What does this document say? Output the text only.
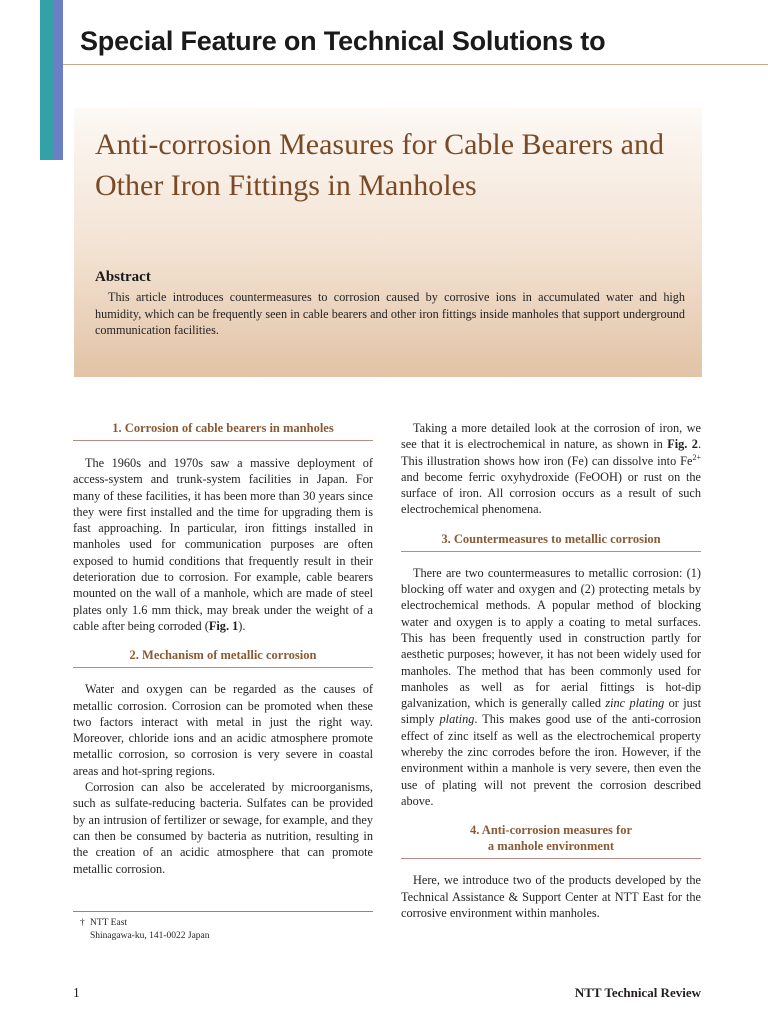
Special Feature on Technical Solutions to
Anti-corrosion Measures for Cable Bearers and Other Iron Fittings in Manholes
Abstract

This article introduces countermeasures to corrosion caused by corrosive ions in accumulated water and high humidity, which can be frequently seen in cable bearers and other iron fittings inside manholes that support underground communication facilities.

1. Corrosion of cable bearers in manholes

The 1960s and 1970s saw a massive deployment of access-system and trunk-system facilities in Japan. For many of these facilities, it has been more than 30 years since they were first installed and the time for upgrading them is fast approaching. In particular, iron fittings installed in manholes used for communication purposes are often exposed to humid conditions that frequently result in their deterioration due to corrosion. For example, cable bearers mounted on the wall of a manhole, which are made of steel plates only 1.6 mm thick, may break under the weight of a cable after being corroded (Fig. 1).

2. Mechanism of metallic corrosion

Water and oxygen can be regarded as the causes of metallic corrosion. Corrosion can be promoted when these two factors interact with metal in just the right way. Moreover, chloride ions and an acidic atmosphere promote metallic corrosion, so corrosion is very severe in coastal areas and hot-spring regions.

Corrosion can also be accelerated by microorganisms, such as sulfate-reducing bacteria. Sulfates can be provided by an intrusion of fertilizer or sewage, for example, and they can then be consumed by bacteria as nutrition, resulting in the creation of an acidic atmosphere that can promote metallic corrosion.

Taking a more detailed look at the corrosion of iron, we see that it is electrochemical in nature, as shown in Fig. 2. This illustration shows how iron (Fe) can dissolve into $Fe^{2+}$ and become ferric oxyhydroxide (FeOOH) or rust on the surface of iron. All corrosion occurs as a result of such electrochemical phenomena.

3. Countermeasures to metallic corrosion

There are two countermeasures to metallic corrosion: (1) blocking off water and oxygen and (2) protecting metals by electrochemical methods. A popular method of blocking water and oxygen is to apply a coating to metal surfaces. This has been frequently used in construction partly for aesthetic purposes; however, it has not been widely used for manholes. The method that has been commonly used for manholes as well as for aerial fittings is hot-dip galvanization, which is generally called zinc plating or just simply plating. This makes good use of the anti-corrosion effect of zinc itself as well as the electrochemical property whereby the zinc corrodes before the iron. However, if the environment within a manhole is very severe, then even the use of plating will not prevent the corrosion described above.

4. Anti-corrosion measures for
a manhole environment

Here, we introduce two of the products developed by the Technical Assistance & Support Center at NTT East for the corrosive environment within manholes.

† NTT East
Shinagawa-ku, 141-0022 Japan
1	NTT Technical Review
